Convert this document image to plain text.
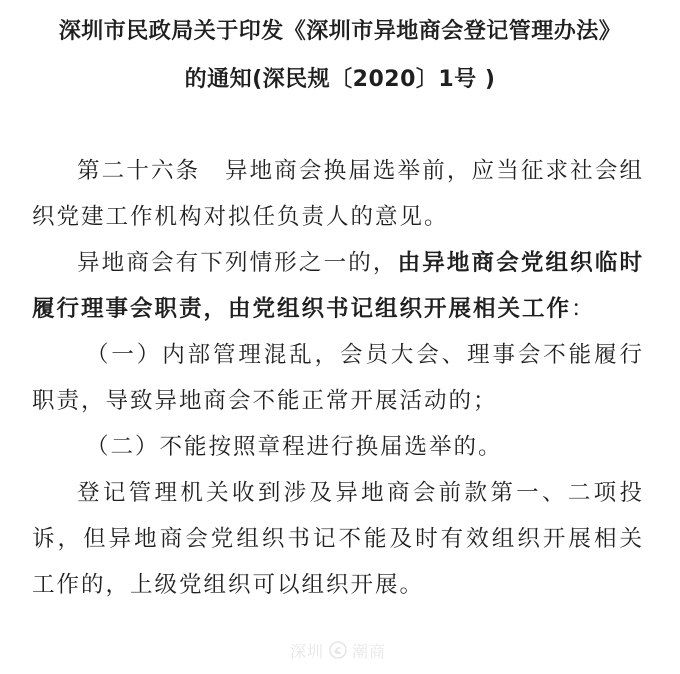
深圳市民政局关于印发《深圳市异地商会登记管理办法》
的通知(深民规〔2020〕1号 )

第二十六条　异地商会换届选举前，应当征求社会组织党建工作机构对拟任负责人的意见。

异地商会有下列情形之一的，由异地商会党组织临时履行理事会职责，由党组织书记组织开展相关工作：

（一）内部管理混乱，会员大会、理事会不能履行职责，导致异地商会不能正常开展活动的；

（二）不能按照章程进行换届选举的。

登记管理机关收到涉及异地商会前款第一、二项投诉，但异地商会党组织书记不能及时有效组织开展相关工作的，上级党组织可以组织开展。

深圳 潮商
